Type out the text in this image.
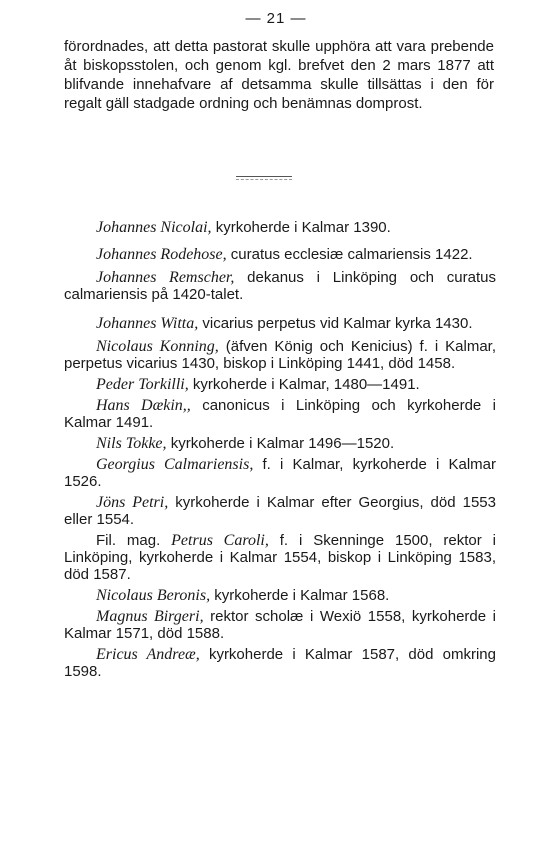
— 21 —

förordnades, att detta pastorat skulle upphöra att vara prebende åt biskopsstolen, och genom kgl. brefvet den 2 mars 1877 att blifvande innehafvare af detsamma skulle tillsättas i den för regalt gäll stadgade ordning och benämnas domprost.

Johannes Nicolai, kyrkoherde i Kalmar 1390.

Johannes Rodehose, curatus ecclesiæ calmariensis 1422.

Johannes Remscher, dekanus i Linköping och curatus calmariensis på 1420-talet.

Johannes Witta, vicarius perpetus vid Kalmar kyrka 1430.

Nicolaus Konning, (äfven König och Kenicius) f. i Kalmar, perpetus vicarius 1430, biskop i Linköping 1441, död 1458.

Peder Torkilli, kyrkoherde i Kalmar, 1480—1491.

Hans Dækin,, canonicus i Linköping och kyrkoherde i Kalmar 1491.

Nils Tokke, kyrkoherde i Kalmar 1496—1520.

Georgius Calmariensis, f. i Kalmar, kyrkoherde i Kalmar 1526.

Jöns Petri, kyrkoherde i Kalmar efter Georgius, död 1553 eller 1554.

Fil. mag. Petrus Caroli, f. i Skenninge 1500, rektor i Linköping, kyrkoherde i Kalmar 1554, biskop i Linköping 1583, död 1587.

Nicolaus Beronis, kyrkoherde i Kalmar 1568.

Magnus Birgeri, rektor scholæ i Wexiö 1558, kyrkoherde i Kalmar 1571, död 1588.

Ericus Andreæ, kyrkoherde i Kalmar 1587, död omkring 1598.
